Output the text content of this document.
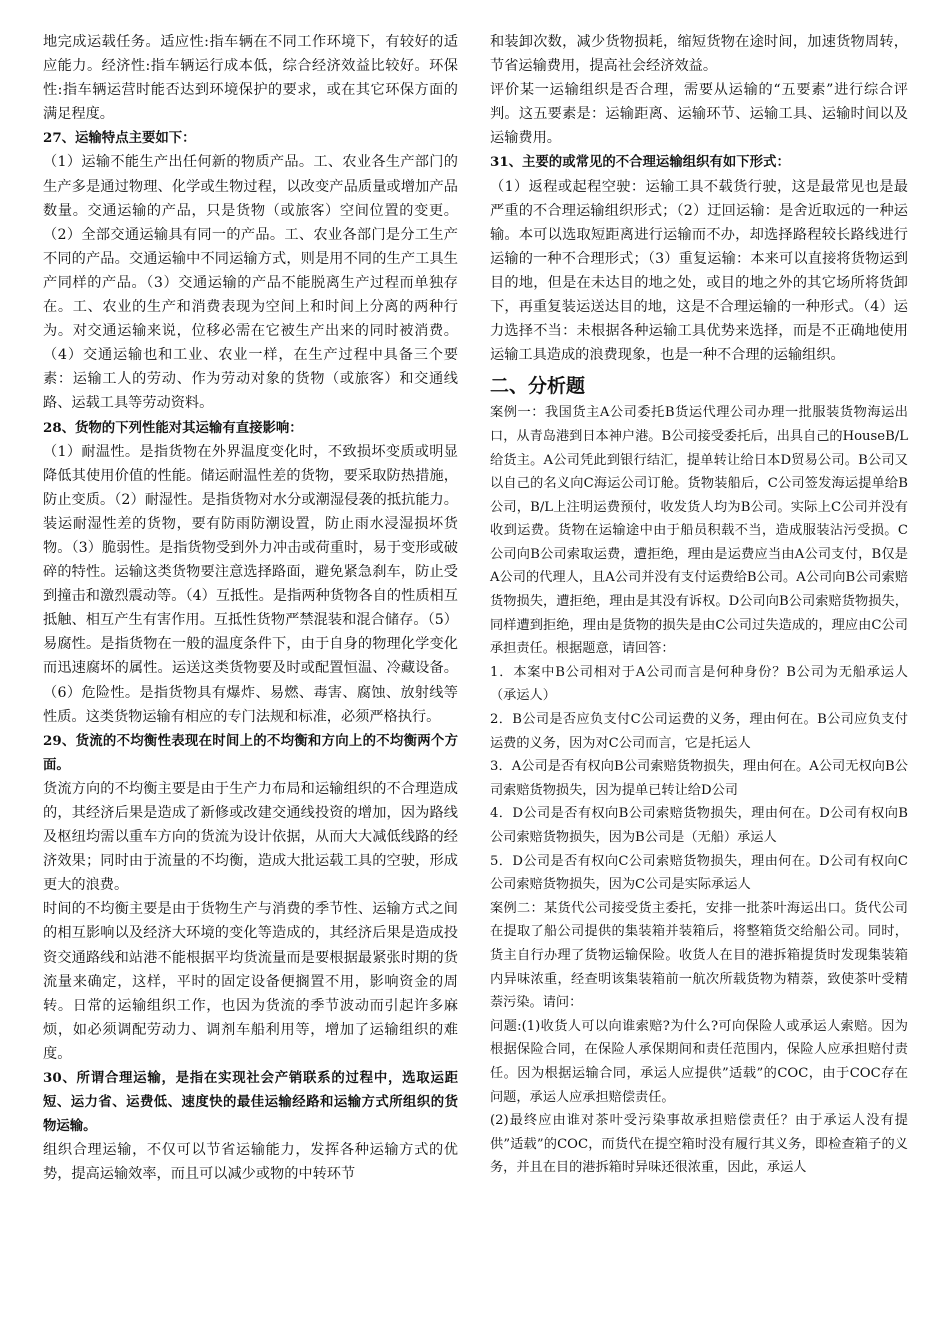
地完成运载任务。适应性:指车辆在不同工作环境下，有较好的适应能力。经济性:指车辆运行成本低，综合经济效益比较好。环保性:指车辆运营时能否达到环境保护的要求，或在其它环保方面的满足程度。

27、运输特点主要如下：

（1）运输不能生产出任何新的物质产品。工、农业各生产部门的生产多是通过物理、化学或生物过程，以改变产品质量或增加产品数量。交通运输的产品，只是货物（或旅客）空间位置的变更。（2）全部交通运输具有同一的产品。工、农业各部门是分工生产不同的产品。交通运输中不同运输方式，则是用不同的生产工具生产同样的产品。（3）交通运输的产品不能脱离生产过程而单独存在。工、农业的生产和消费表现为空间上和时间上分离的两种行为。对交通运输来说，位移必需在它被生产出来的同时被消费。（4）交通运输也和工业、农业一样，在生产过程中具备三个要素：运输工人的劳动、作为劳动对象的货物（或旅客）和交通线路、运载工具等劳动资料。

28、货物的下列性能对其运输有直接影响：

（1）耐温性。是指货物在外界温度变化时，不致损坏变质或明显降低其使用价值的性能。储运耐温性差的货物，要采取防热措施，防止变质。（2）耐湿性。是指货物对水分或潮湿侵袭的抵抗能力。装运耐湿性差的货物，要有防雨防潮设置，防止雨水浸湿损坏货物。（3）脆弱性。是指货物受到外力冲击或荷重时，易于变形或破碎的特性。运输这类货物要注意选择路面，避免紧急刹车，防止受到撞击和激烈震动等。（4）互抵性。是指两种货物各自的性质相互抵触、相互产生有害作用。互抵性货物严禁混装和混合储存。（5）易腐性。是指货物在一般的温度条件下，由于自身的物理化学变化而迅速腐坏的属性。运送这类货物要及时或配置恒温、冷藏设备。（6）危险性。是指货物具有爆炸、易燃、毒害、腐蚀、放射线等性质。这类货物运输有相应的专门法规和标准，必须严格执行。

29、货流的不均衡性表现在时间上的不均衡和方向上的不均衡两个方面。

货流方向的不均衡主要是由于生产力布局和运输组织的不合理造成的，其经济后果是造成了新修或改建交通线投资的增加，因为路线及枢纽均需以重车方向的货流为设计依据，从而大大减低线路的经济效果；同时由于流量的不均衡，造成大批运载工具的空驶，形成更大的浪费。

时间的不均衡主要是由于货物生产与消费的季节性、运输方式之间的相互影响以及经济大环境的变化等造成的，其经济后果是造成投资交通路线和站港不能根据平均货流量而是要根据最紧张时期的货流量来确定，这样，平时的固定设备便搁置不用，影响资金的周转。日常的运输组织工作，也因为货流的季节波动而引起许多麻烦，如必须调配劳动力、调剂车船利用等，增加了运输组织的难度。

30、所谓合理运输，是指在实现社会产销联系的过程中，选取运距短、运力省、运费低、速度快的最佳运输经路和运输方式所组织的货物运输。

组织合理运输，不仅可以节省运输能力，发挥各种运输方式的优势，提高运输效率，而且可以减少或物的中转环节

和装卸次数，减少货物损耗，缩短货物在途时间，加速货物周转，节省运输费用，提高社会经济效益。

评价某一运输组织是否合理，需要从运输的“五要素”进行综合评判。这五要素是：运输距离、运输环节、运输工具、运输时间以及运输费用。

31、主要的或常见的不合理运输组织有如下形式：

（1）返程或起程空驶：运输工具不载货行驶，这是最常见也是最严重的不合理运输组织形式；（2）迂回运输：是舍近取远的一种运输。本可以选取短距离进行运输而不办，却选择路程较长路线进行运输的一种不合理形式；（3）重复运输：本来可以直接将货物运到目的地，但是在未达目的地之处，或目的地之外的其它场所将货卸下，再重复装运送达目的地，这是不合理运输的一种形式。（4）运力选择不当：未根据各种运输工具优势来选择，而是不正确地使用运输工具造成的浪费现象，也是一种不合理的运输组织。

二、分析题

案例一：我国货主A公司委托B货运代理公司办理一批服装货物海运出口，从青岛港到日本神户港。B公司接受委托后，出具自己的HouseB/L给货主。A公司凭此到银行结汇，提单转让给日本D贸易公司。B公司又以自己的名义向C海运公司订舱。货物装船后，C公司签发海运提单给B公司，B/L上注明运费预付，收发货人均为B公司。实际上C公司并没有收到运费。货物在运输途中由于船员积载不当，造成服装沾污受损。C公司向B公司索取运费，遭拒绝，理由是运费应当由A公司支付，B仅是A公司的代理人，且A公司并没有支付运费给B公司。A公司向B公司索赔货物损失，遭拒绝，理由是其没有诉权。D公司向B公司索赔货物损失，同样遭到拒绝，理由是货物的损失是由C公司过失造成的，理应由C公司承担责任。根据题意，请回答：

1．本案中B公司相对于A公司而言是何种身份？B公司为无船承运人（承运人）

2．B公司是否应负支付C公司运费的义务，理由何在。B公司应负支付运费的义务，因为对C公司而言，它是托运人

3．A公司是否有权向B公司索赔货物损失，理由何在。A公司无权向B公司索赔货物损失，因为提单已转让给D公司

4．D公司是否有权向B公司索赔货物损失，理由何在。D公司有权向B公司索赔货物损失，因为B公司是（无船）承运人

5．D公司是否有权向C公司索赔货物损失，理由何在。D公司有权向C公司索赔货物损失，因为C公司是实际承运人

案例二：某货代公司接受货主委托，安排一批茶叶海运出口。货代公司在提取了船公司提供的集装箱并装箱后，将整箱货交给船公司。同时，货主自行办理了货物运输保险。收货人在目的港拆箱提货时发现集装箱内异味浓重，经查明该集装箱前一航次所载货物为精萘，致使茶叶受精萘污染。请问：

问题:(1)收货人可以向谁索赔?为什么?可向保险人或承运人索赔。因为根据保险合同，在保险人承保期间和责任范围内，保险人应承担赔付责任。因为根据运输合同，承运人应提供”适载”的COC，由于COC存在问题，承运人应承担赔偿责任。

(2)最终应由谁对茶叶受污染事故承担赔偿责任？由于承运人没有提供”适载”的COC，而货代在提空箱时没有履行其义务，即检查箱子的义务，并且在目的港拆箱时异味还很浓重，因此，承运人
